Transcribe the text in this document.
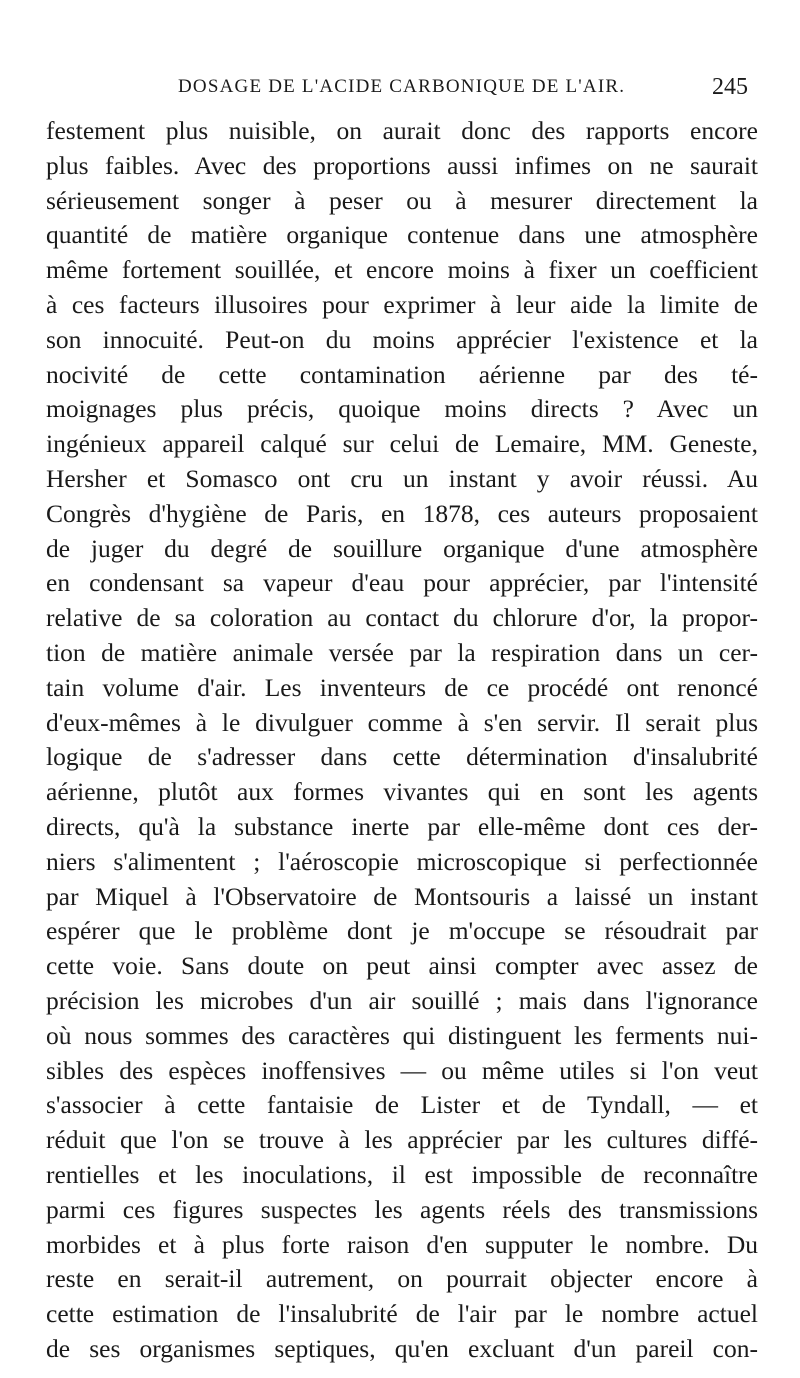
DOSAGE DE L'ACIDE CARBONIQUE DE L'AIR.	245
festement plus nuisible, on aurait donc des rapports encore
plus faibles. Avec des proportions aussi infimes on ne saurait
sérieusement songer à peser ou à mesurer directement la
quantité de matière organique contenue dans une atmosphère
même fortement souillée, et encore moins à fixer un coefficient
à ces facteurs illusoires pour exprimer à leur aide la limite de
son innocuité. Peut-on du moins apprécier l'existence et la
nocivité de cette contamination aérienne par des té-
moignages plus précis, quoique moins directs ? Avec un
ingénieux appareil calqué sur celui de Lemaire, MM. Geneste,
Hersher et Somasco ont cru un instant y avoir réussi. Au
Congrès d'hygiène de Paris, en 1878, ces auteurs proposaient
de juger du degré de souillure organique d'une atmosphère
en condensant sa vapeur d'eau pour apprécier, par l'intensité
relative de sa coloration au contact du chlorure d'or, la propor-
tion de matière animale versée par la respiration dans un cer-
tain volume d'air. Les inventeurs de ce procédé ont renoncé
d'eux-mêmes à le divulguer comme à s'en servir. Il serait plus
logique de s'adresser dans cette détermination d'insalubrité
aérienne, plutôt aux formes vivantes qui en sont les agents
directs, qu'à la substance inerte par elle-même dont ces der-
niers s'alimentent ; l'aéroscopie microscopique si perfectionnée
par Miquel à l'Observatoire de Montsouris a laissé un instant
espérer que le problème dont je m'occupe se résoudrait par
cette voie. Sans doute on peut ainsi compter avec assez de
précision les microbes d'un air souillé ; mais dans l'ignorance
où nous sommes des caractères qui distinguent les ferments nui-
sibles des espèces inoffensives — ou même utiles si l'on veut
s'associer à cette fantaisie de Lister et de Tyndall, — et
réduit que l'on se trouve à les apprécier par les cultures diffé-
rentielles et les inoculations, il est impossible de reconnaître
parmi ces figures suspectes les agents réels des transmissions
morbides et à plus forte raison d'en supputer le nombre. Du
reste en serait-il autrement, on pourrait objecter encore à
cette estimation de l'insalubrité de l'air par le nombre actuel
de ses organismes septiques, qu'en excluant d'un pareil con-
